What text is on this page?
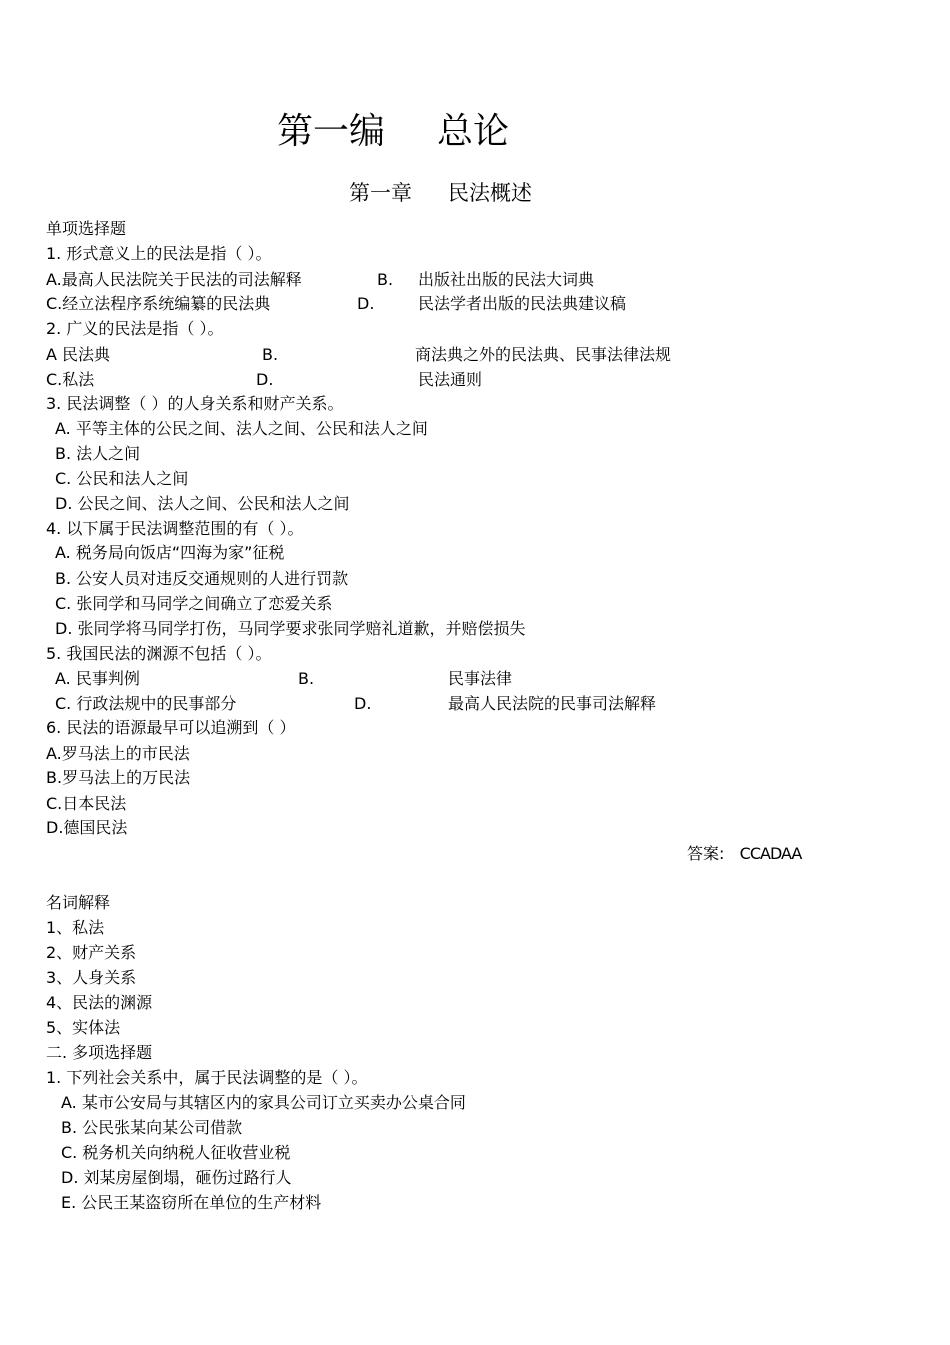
第一编 总论
第一章 民法概述
单项选择题
1. 形式意义上的民法是指（ ）。
A.最高人民法院关于民法的司法解释	B. 出版社出版的民法大词典
C.经立法程序系统编纂的民法典	D.	民法学者出版的民法典建议稿
2. 广义的民法是指（ ）。
A 民法典	B.	商法典之外的民法典、民事法律法规
C.私法	D.	民法通则
3. 民法调整（ ）的人身关系和财产关系。
A. 平等主体的公民之间、法人之间、公民和法人之间
B. 法人之间
C. 公民和法人之间
D. 公民之间、法人之间、公民和法人之间
4. 以下属于民法调整范围的有（ ）。
A. 税务局向饭店“四海为家”征税
B. 公安人员对违反交通规则的人进行罚款
C. 张同学和马同学之间确立了恋爱关系
D. 张同学将马同学打伤，马同学要求张同学赔礼道歉，并赔偿损失
5. 我国民法的渊源不包括（ ）。
A. 民事判例	B.	民事法律
C. 行政法规中的民事部分	D.	最高人民法院的民事司法解释
6. 民法的语源最早可以追溯到（ ）
A.罗马法上的市民法
B.罗马法上的万民法
C.日本民法
D.德国民法
答案: CCADAA
名词解释
1、私法
2、财产关系
3、人身关系
4、民法的渊源
5、实体法
二. 多项选择题
1. 下列社会关系中，属于民法调整的是（ ）。
A. 某市公安局与其辖区内的家具公司订立买卖办公桌合同
B. 公民张某向某公司借款
C. 税务机关向纳税人征收营业税
D. 刘某房屋倒塌，砸伤过路行人
E. 公民王某盗窃所在单位的生产材料
